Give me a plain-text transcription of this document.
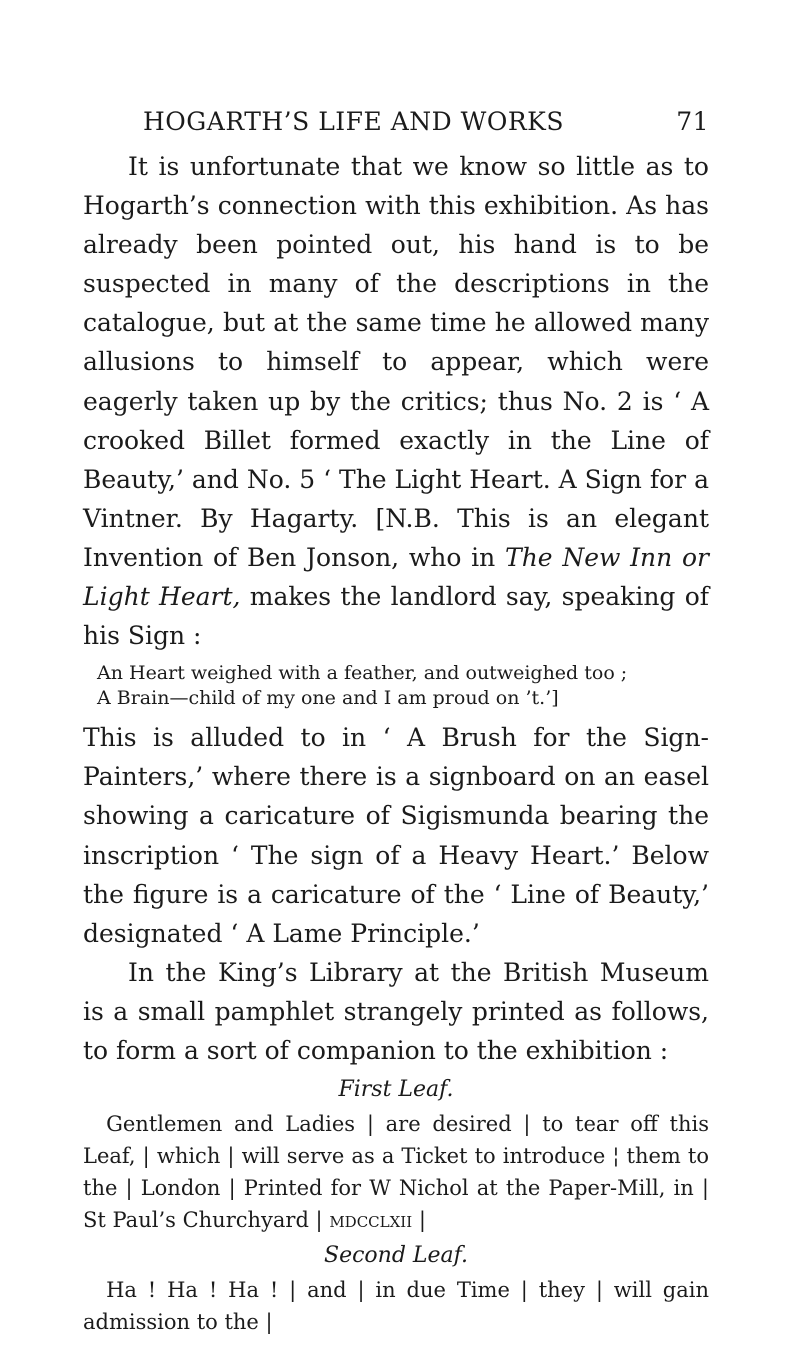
HOGARTH’S LIFE AND WORKS	71

It is unfortunate that we know so little as to Hogarth’s connection with this exhibition. As has already been pointed out, his hand is to be suspected in many of the descriptions in the catalogue, but at the same time he allowed many allusions to himself to appear, which were eagerly taken up by the critics; thus No. 2 is ‘ A crooked Billet formed exactly in the Line of Beauty,’ and No. 5 ‘ The Light Heart. A Sign for a Vintner. By Hagarty. [N.B. This is an elegant Invention of Ben Jonson, who in The New Inn or Light Heart, makes the landlord say, speaking of his Sign :

An Heart weighed with a feather, and outweighed too ;
A Brain—child of my one and I am proud on ’t.’]

This is alluded to in ‘ A Brush for the Sign-Painters,’ where there is a signboard on an easel showing a caricature of Sigismunda bearing the inscription ‘ The sign of a Heavy Heart.’ Below the figure is a caricature of the ‘ Line of Beauty,’ designated ‘ A Lame Principle.’

In the King’s Library at the British Museum is a small pamphlet strangely printed as follows, to form a sort of companion to the exhibition :

First Leaf.
Gentlemen and Ladies | are desired | to tear off this Leaf, | which | will serve as a Ticket to introduce ¦ them to the | London | Printed for W Nichol at the Paper-Mill, in | St Paul’s Churchyard | mdcclxii |
Second Leaf.
Ha ! Ha ! Ha ! | and | in due Time | they | will gain admission to the |
